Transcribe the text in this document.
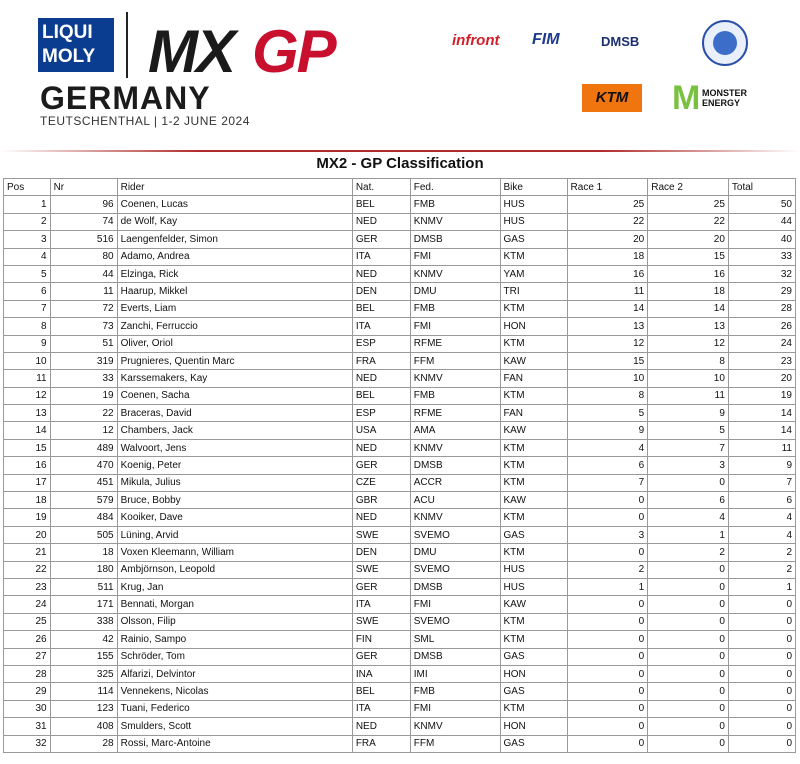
LIQUI
MOLY MX GP
GERMANY
TEUTSCHENTHAL | 1-2 JUNE 2024
infront FIM	DMSB
KTM	M MONSTER
ENERGY
MX2 - GP Classification
Pos	Nr	Rider	Nat.	Fed.	Bike	Race 1	Race 2	Total
1	96	Coenen, Lucas	BEL	FMB	HUS	25	25	50
2	74	de Wolf, Kay	NED	KNMV	HUS	22	22	44
3	516	Laengenfelder, Simon	GER	DMSB	GAS	20	20	40
4	80	Adamo, Andrea	ITA	FMI	KTM	18	15	33
5	44	Elzinga, Rick	NED	KNMV	YAM	16	16	32
6	11	Haarup, Mikkel	DEN	DMU	TRI	11	18	29
7	72	Everts, Liam	BEL	FMB	KTM	14	14	28
8	73	Zanchi, Ferruccio	ITA	FMI	HON	13	13	26
9	51	Oliver, Oriol	ESP	RFME	KTM	12	12	24
10	319	Prugnieres, Quentin Marc	FRA	FFM	KAW	15	8	23
11	33	Karssemakers, Kay	NED	KNMV	FAN	10	10	20
12	19	Coenen, Sacha	BEL	FMB	KTM	8	11	19
13	22	Braceras, David	ESP	RFME	FAN	5	9	14
14	12	Chambers, Jack	USA	AMA	KAW	9	5	14
15	489	Walvoort, Jens	NED	KNMV	KTM	4	7	11
16	470	Koenig, Peter	GER	DMSB	KTM	6	3	9
17	451	Mikula, Julius	CZE	ACCR	KTM	7	0	7
18	579	Bruce, Bobby	GBR	ACU	KAW	0	6	6
19	484	Kooiker, Dave	NED	KNMV	KTM	0	4	4
20	505	Lüning, Arvid	SWE	SVEMO	GAS	3	1	4
21	18	Voxen Kleemann, William	DEN	DMU	KTM	0	2	2
22	180	Ambjörnson, Leopold	SWE	SVEMO	HUS	2	0	2
23	511	Krug, Jan	GER	DMSB	HUS	1	0	1
24	171	Bennati, Morgan	ITA	FMI	KAW	0	0	0
25	338	Olsson, Filip	SWE	SVEMO	KTM	0	0	0
26	42	Rainio, Sampo	FIN	SML	KTM	0	0	0
27	155	Schröder, Tom	GER	DMSB	GAS	0	0	0
28	325	Alfarizi, Delvintor	INA	IMI	HON	0	0	0
29	114	Vennekens, Nicolas	BEL	FMB	GAS	0	0	0
30	123	Tuani, Federico	ITA	FMI	KTM	0	0	0
31	408	Smulders, Scott	NED	KNMV	HON	0	0	0
32	28	Rossi, Marc-Antoine	FRA	FFM	GAS	0	0	0
